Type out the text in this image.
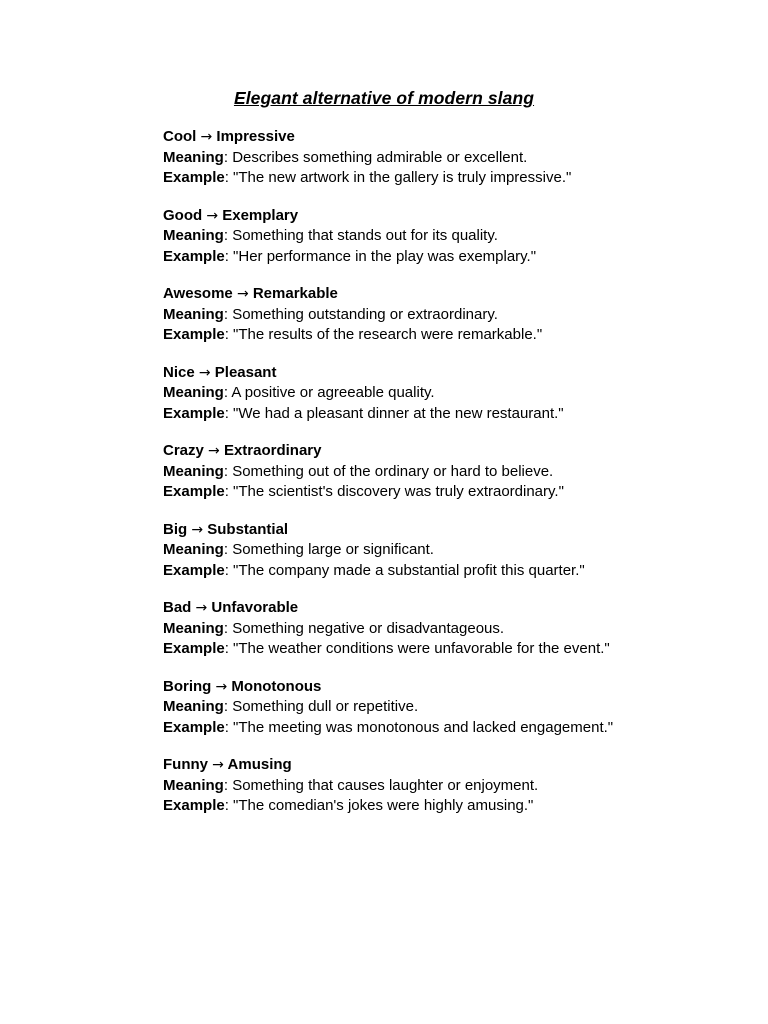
Elegant alternative of modern slang
Cool → Impressive
Meaning: Describes something admirable or excellent.
Example: "The new artwork in the gallery is truly impressive."
Good → Exemplary
Meaning: Something that stands out for its quality.
Example: "Her performance in the play was exemplary."
Awesome → Remarkable
Meaning: Something outstanding or extraordinary.
Example: "The results of the research were remarkable."
Nice → Pleasant
Meaning: A positive or agreeable quality.
Example: "We had a pleasant dinner at the new restaurant."
Crazy → Extraordinary
Meaning: Something out of the ordinary or hard to believe.
Example: "The scientist's discovery was truly extraordinary."
Big → Substantial
Meaning: Something large or significant.
Example: "The company made a substantial profit this quarter."
Bad → Unfavorable
Meaning: Something negative or disadvantageous.
Example: "The weather conditions were unfavorable for the event."
Boring → Monotonous
Meaning: Something dull or repetitive.
Example: "The meeting was monotonous and lacked engagement."
Funny → Amusing
Meaning: Something that causes laughter or enjoyment.
Example: "The comedian's jokes were highly amusing."
